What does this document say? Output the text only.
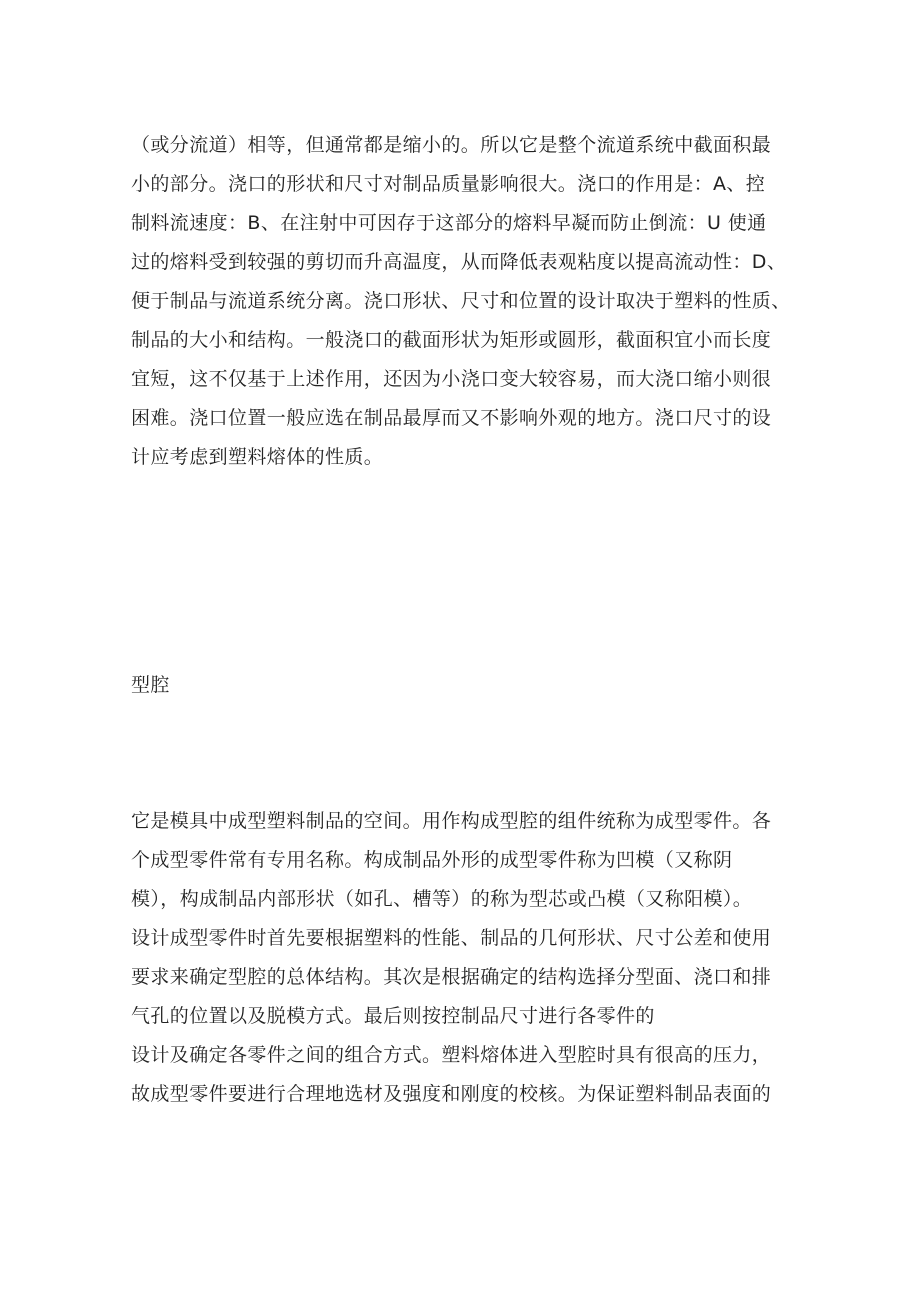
（或分流道）相等，但通常都是缩小的。所以它是整个流道系统中截面积最
小的部分。浇口的形状和尺寸对制品质量影响很大。浇口的作用是：A、控
制料流速度：B、在注射中可因存于这部分的熔料早凝而防止倒流：U 使通
过的熔料受到较强的剪切而升高温度，从而降低表观粘度以提高流动性：D、
便于制品与流道系统分离。浇口形状、尺寸和位置的设计取决于塑料的性质、
制品的大小和结构。一般浇口的截面形状为矩形或圆形，截面积宜小而长度
宜短，这不仅基于上述作用，还因为小浇口变大较容易，而大浇口缩小则很
困难。浇口位置一般应选在制品最厚而又不影响外观的地方。浇口尺寸的设
计应考虑到塑料熔体的性质。
型腔
它是模具中成型塑料制品的空间。用作构成型腔的组件统称为成型零件。各
个成型零件常有专用名称。构成制品外形的成型零件称为凹模（又称阴
模），构成制品内部形状（如孔、槽等）的称为型芯或凸模（又称阳模）。
设计成型零件时首先要根据塑料的性能、制品的几何形状、尺寸公差和使用
要求来确定型腔的总体结构。其次是根据确定的结构选择分型面、浇口和排
气孔的位置以及脱模方式。最后则按控制品尺寸进行各零件的
设计及确定各零件之间的组合方式。塑料熔体进入型腔时具有很高的压力，
故成型零件要进行合理地选材及强度和刚度的校核。为保证塑料制品表面的
